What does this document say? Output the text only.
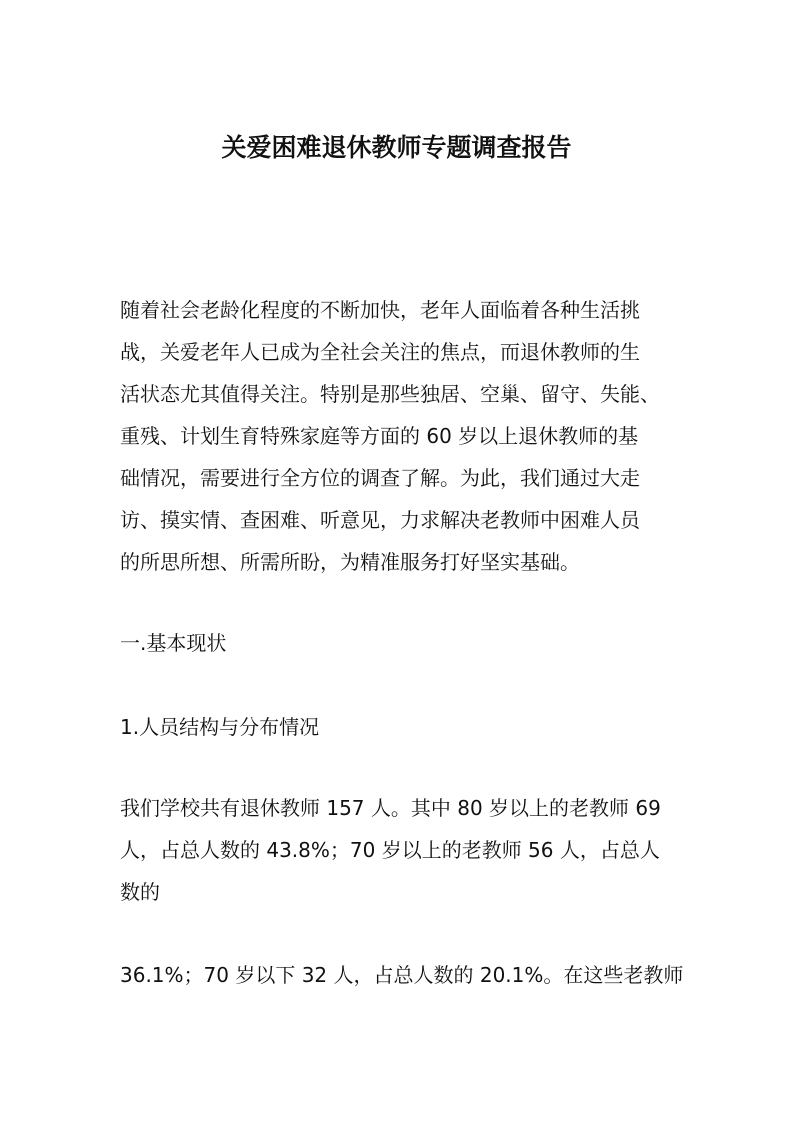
关爱困难退休教师专题调查报告
随着社会老龄化程度的不断加快，老年人面临着各种生活挑
战，关爱老年人已成为全社会关注的焦点，而退休教师的生
活状态尤其值得关注。特别是那些独居、空巢、留守、失能、
重残、计划生育特殊家庭等方面的 60 岁以上退休教师的基
础情况，需要进行全方位的调查了解。为此，我们通过大走
访、摸实情、查困难、听意见，力求解决老教师中困难人员
的所思所想、所需所盼，为精准服务打好坚实基础。
一.基本现状
1.人员结构与分布情况
我们学校共有退休教师 157 人。其中 80 岁以上的老教师 69
人，占总人数的 43.8%；70 岁以上的老教师 56 人，占总人
数的
36.1%；70 岁以下 32 人，占总人数的 20.1%。在这些老教师
